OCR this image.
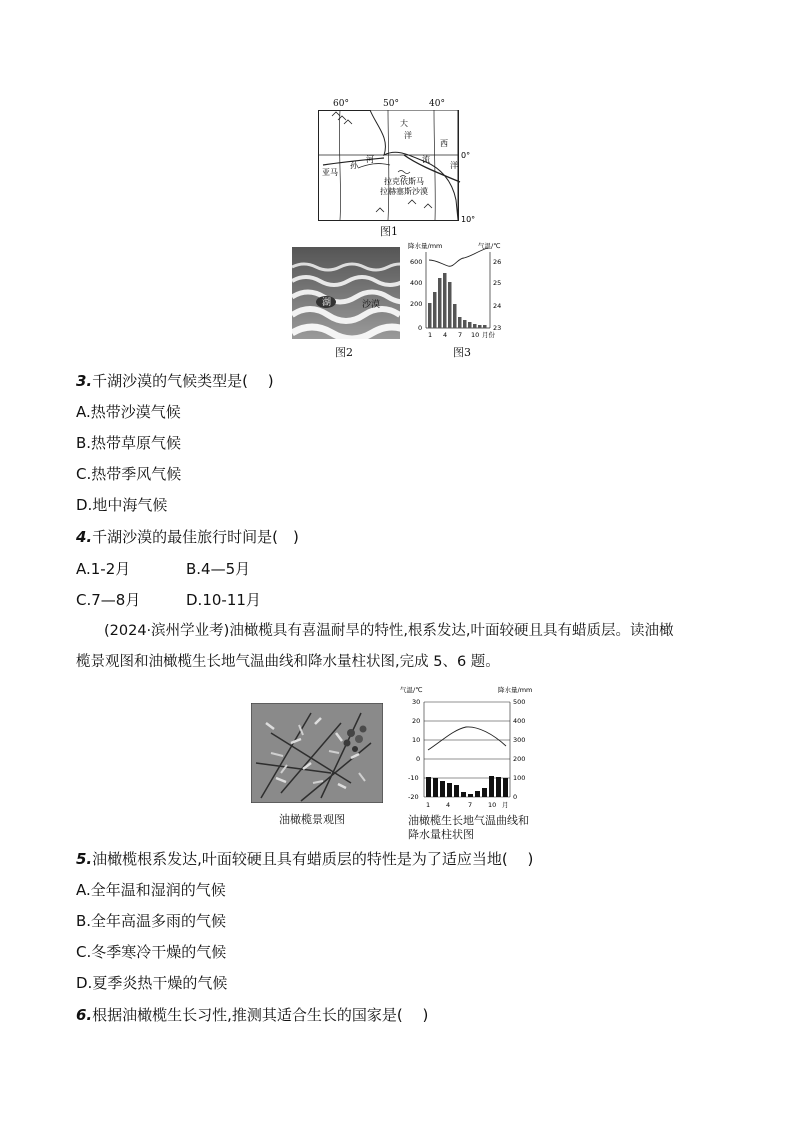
大
洋
西
洋
河	流
孙
亚马
拉克依斯马
拉赫塞斯沙漠
0°
10°
图1
60°	50°	40°
湖	沙漠
图2
降水量/mm	气温/℃
600
400
200
0
26
25
24
23
1 4 7 10 月份
图3
3.千湖沙漠的气候类型是(　 )
A.热带沙漠气候
B.热带草原气候
C.热带季风气候
D.地中海气候
4.千湖沙漠的最佳旅行时间是(　)
A.1-2月	B.4—5月
C.7—8月	D.10-11月
(2024·滨州学业考)油橄榄具有喜温耐旱的特性,根系发达,叶面较硬且具有蜡质层。读油橄
榄景观图和油橄榄生长地气温曲线和降水量柱状图,完成 5、6 题。
油橄榄景观图
气温/℃	降水量/mm
30
20
10
0
-10
-20
500
400
300
200
100
0
1 4	7 10 月
油橄榄生长地气温曲线和
降水量柱状图
5.油橄榄根系发达,叶面较硬且具有蜡质层的特性是为了适应当地(　 )
A.全年温和湿润的气候
B.全年高温多雨的气候
C.冬季寒冷干燥的气候
D.夏季炎热干燥的气候
6.根据油橄榄生长习性,推测其适合生长的国家是(　 )
